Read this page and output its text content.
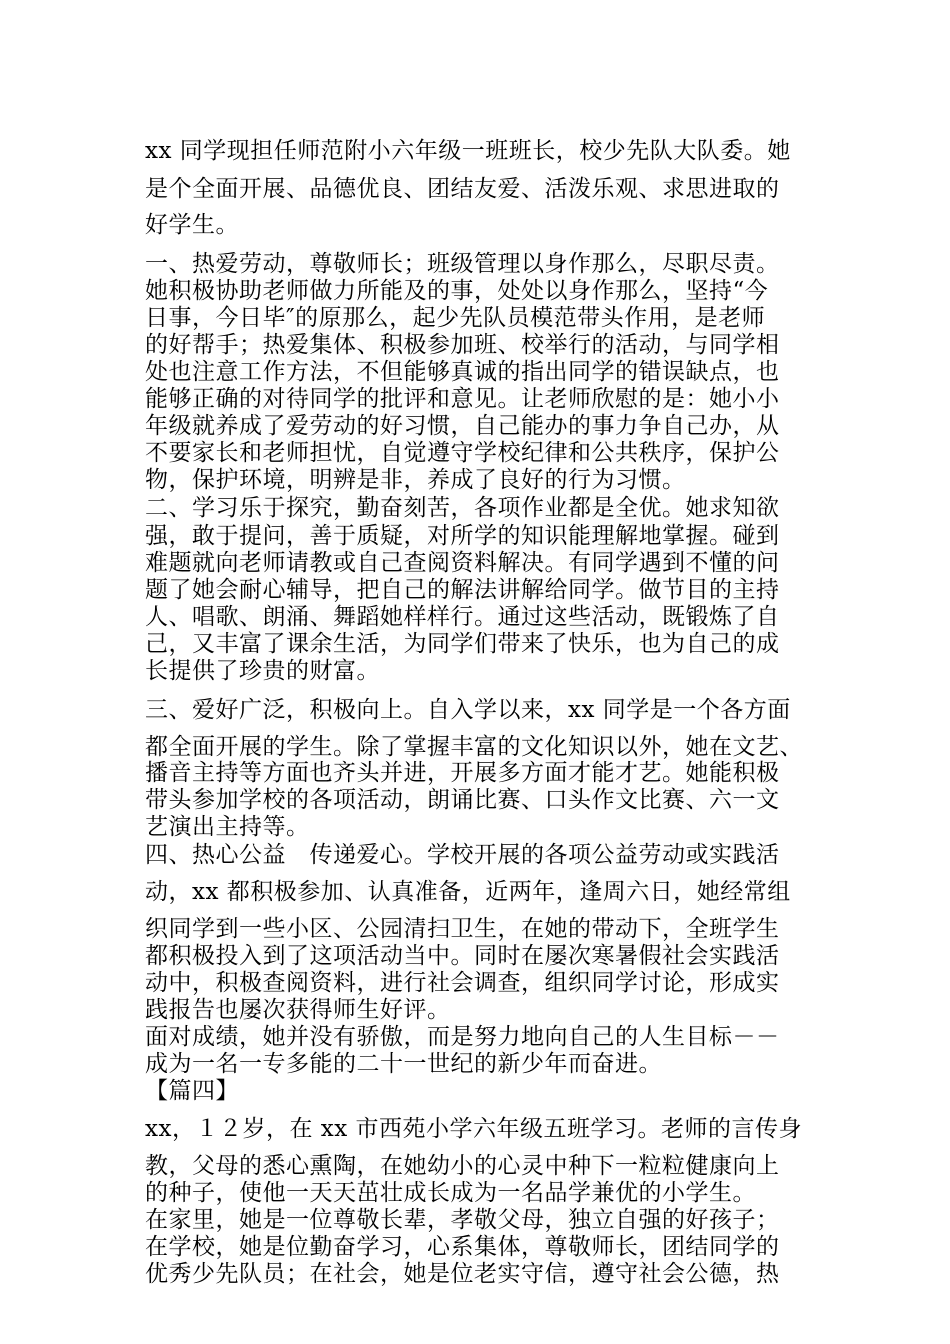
xx 同学现担任师范附小六年级一班班长，校少先队大队委。她
是个全面开展、品德优良、团结友爱、活泼乐观、求思进取的
好学生。
一、热爱劳动，尊敬师长；班级管理以身作那么，尽职尽责。
她积极协助老师做力所能及的事，处处以身作那么，坚持“今
日事，今日毕″的原那么，起少先队员模范带头作用，是老师
的好帮手；热爱集体、积极参加班、校举行的活动，与同学相
处也注意工作方法，不但能够真诚的指出同学的错误缺点，也
能够正确的对待同学的批评和意见。让老师欣慰的是：她小小
年级就养成了爱劳动的好习惯，自己能办的事力争自己办，从
不要家长和老师担忧，自觉遵守学校纪律和公共秩序，保护公
物，保护环境，明辨是非，养成了良好的行为习惯。
二、学习乐于探究，勤奋刻苦，各项作业都是全优。她求知欲
强，敢于提问，善于质疑，对所学的知识能理解地掌握。碰到
难题就向老师请教或自己查阅资料解决。有同学遇到不懂的问
题了她会耐心辅导，把自己的解法讲解给同学。做节目的主持
人、唱歌、朗涌、舞蹈她样样行。通过这些活动，既锻炼了自
己，又丰富了课余生活，为同学们带来了快乐，也为自己的成
长提供了珍贵的财富。
三、爱好广泛，积极向上。自入学以来，xx 同学是一个各方面
都全面开展的学生。除了掌握丰富的文化知识以外，她在文艺、
播音主持等方面也齐头并进，开展多方面才能才艺。她能积极
带头参加学校的各项活动，朗诵比赛、口头作文比赛、六一文
艺演出主持等。
四、热心公益　传递爱心。学校开展的各项公益劳动或实践活
动，xx 都积极参加、认真准备，近两年，逢周六日，她经常组
织同学到一些小区、公园清扫卫生，在她的带动下，全班学生
都积极投入到了这项活动当中。同时在屡次寒暑假社会实践活
动中，积极查阅资料，进行社会调查，组织同学讨论，形成实
践报告也屡次获得师生好评。
面对成绩，她并没有骄傲，而是努力地向自己的人生目标－－
成为一名一专多能的二十一世纪的新少年而奋进。
【篇四】
xx，１２岁，在 xx 市西苑小学六年级五班学习。老师的言传身
教，父母的悉心熏陶，在她幼小的心灵中种下一粒粒健康向上
的种子，使他一天天茁壮成长成为一名品学兼优的小学生。
在家里，她是一位尊敬长辈，孝敬父母，独立自强的好孩子；
在学校，她是位勤奋学习，心系集体，尊敬师长，团结同学的
优秀少先队员；在社会，她是位老实守信，遵守社会公德，热
